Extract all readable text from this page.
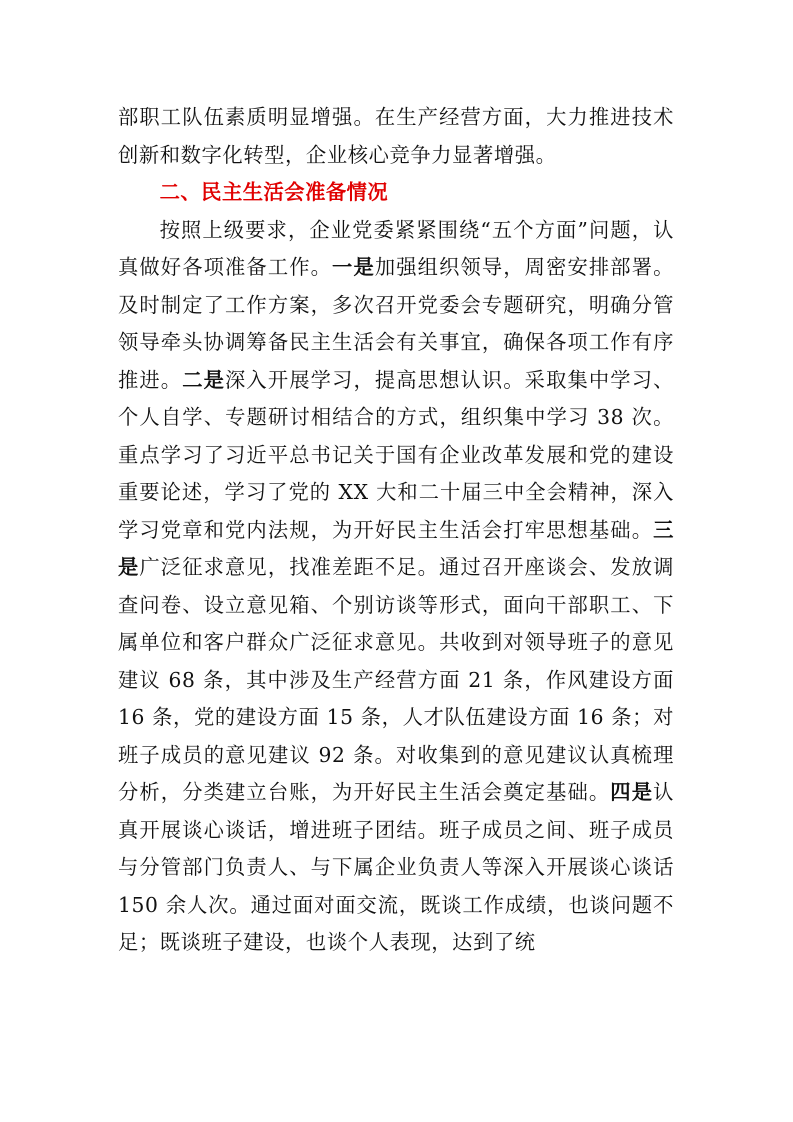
部职工队伍素质明显增强。在生产经营方面，大力推进技术创新和数字化转型，企业核心竞争力显著增强。

二、民主生活会准备情况

按照上级要求，企业党委紧紧围绕“五个方面”问题，认真做好各项准备工作。一是加强组织领导，周密安排部署。及时制定了工作方案，多次召开党委会专题研究，明确分管领导牵头协调筹备民主生活会有关事宜，确保各项工作有序推进。二是深入开展学习，提高思想认识。采取集中学习、个人自学、专题研讨相结合的方式，组织集中学习 38 次。重点学习了习近平总书记关于国有企业改革发展和党的建设重要论述，学习了党的 XX 大和二十届三中全会精神，深入学习党章和党内法规，为开好民主生活会打牢思想基础。三是广泛征求意见，找准差距不足。通过召开座谈会、发放调查问卷、设立意见箱、个别访谈等形式，面向干部职工、下属单位和客户群众广泛征求意见。共收到对领导班子的意见建议 68 条，其中涉及生产经营方面 21 条，作风建设方面 16 条，党的建设方面 15 条，人才队伍建设方面 16 条；对班子成员的意见建议 92 条。对收集到的意见建议认真梳理分析，分类建立台账，为开好民主生活会奠定基础。四是认真开展谈心谈话，增进班子团结。班子成员之间、班子成员与分管部门负责人、与下属企业负责人等深入开展谈心谈话 150 余人次。通过面对面交流，既谈工作成绩，也谈问题不足；既谈班子建设，也谈个人表现，达到了统
